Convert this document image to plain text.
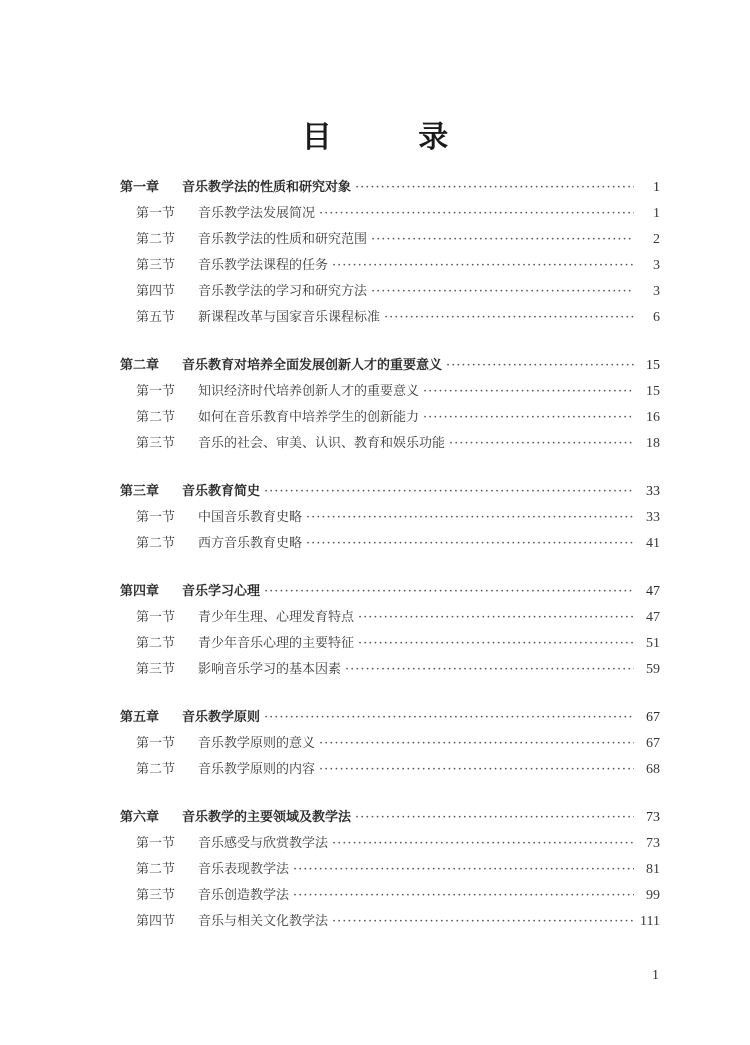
目 录
第一章	音乐教学法的性质和研究对象 ·····	1
第一节	音乐教学法发展简况 ·····	1
第二节	音乐教学法的性质和研究范围 ·····	2
第三节	音乐教学法课程的任务 ·····	3
第四节	音乐教学法的学习和研究方法 ·····	3
第五节	新课程改革与国家音乐课程标准 ·····	6
第二章	音乐教育对培养全面发展创新人才的重要意义 ·····	15
第一节	知识经济时代培养创新人才的重要意义 ·····	15
第二节	如何在音乐教育中培养学生的创新能力 ·····	16
第三节	音乐的社会、审美、认识、教育和娱乐功能 ·····	18
第三章	音乐教育简史 ·····	33
第一节	中国音乐教育史略 ·····	33
第二节	西方音乐教育史略 ·····	41
第四章	音乐学习心理 ·····	47
第一节	青少年生理、心理发育特点 ·····	47
第二节	青少年音乐心理的主要特征 ·····	51
第三节	影响音乐学习的基本因素 ·····	59
第五章	音乐教学原则 ·····	67
第一节	音乐教学原则的意义 ·····	67
第二节	音乐教学原则的内容 ·····	68
第六章	音乐教学的主要领域及教学法 ·····	73
第一节	音乐感受与欣赏教学法 ·····	73
第二节	音乐表现教学法 ·····	81
第三节	音乐创造教学法 ·····	99
第四节	音乐与相关文化教学法 ·····	111
1
